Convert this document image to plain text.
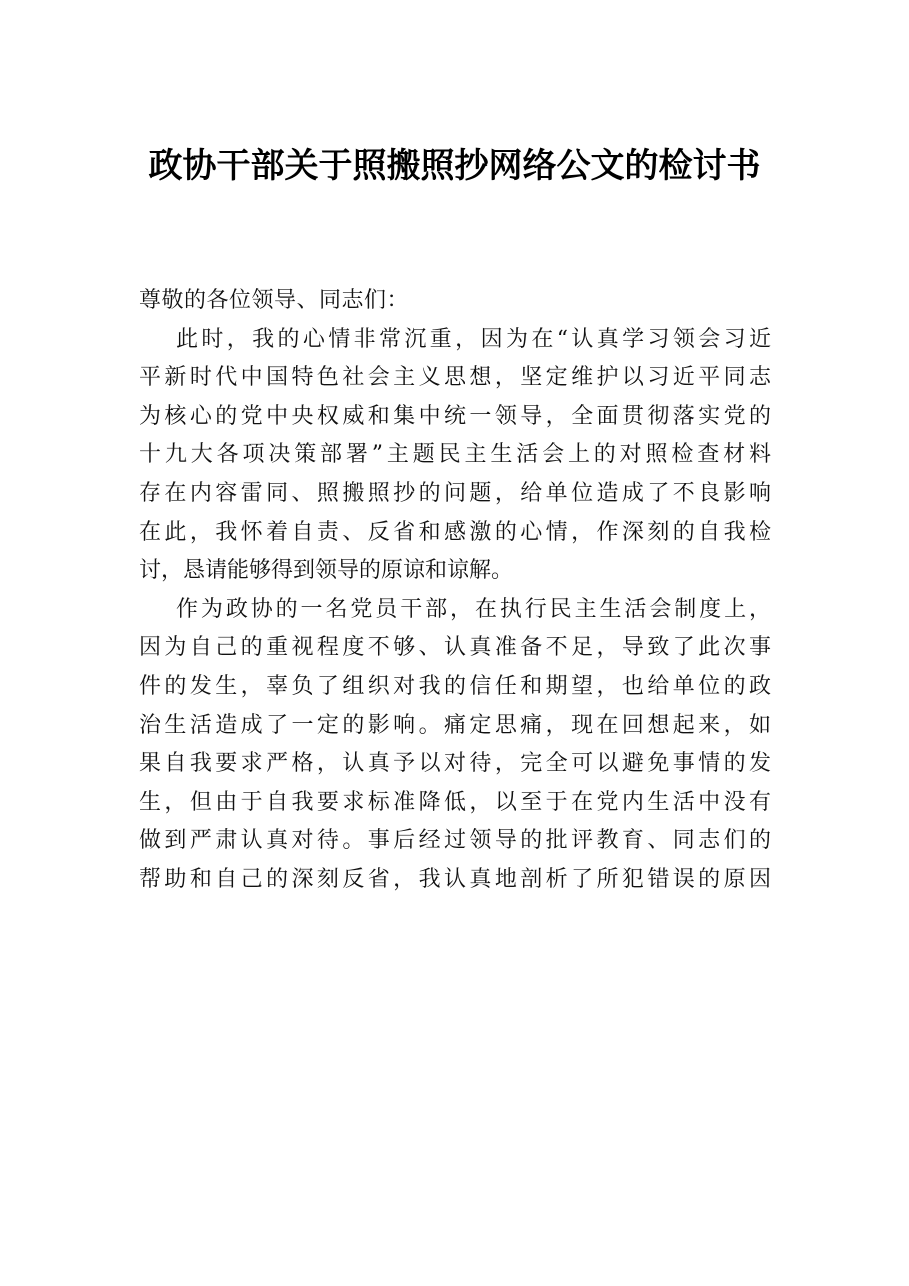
政协干部关于照搬照抄网络公文的检讨书

尊敬的各位领导、同志们：

此时，我的心情非常沉重，因为在“认真学习领会习近
平新时代中国特色社会主义思想，坚定维护以习近平同志
为核心的党中央权威和集中统一领导，全面贯彻落实党的
十九大各项决策部署”主题民主生活会上的对照检查材料
存在内容雷同、照搬照抄的问题，给单位造成了不良影响
在此，我怀着自责、反省和感激的心情，作深刻的自我检
讨，恳请能够得到领导的原谅和谅解。

作为政协的一名党员干部，在执行民主生活会制度上，
因为自己的重视程度不够、认真准备不足，导致了此次事
件的发生，辜负了组织对我的信任和期望，也给单位的政
治生活造成了一定的影响。痛定思痛，现在回想起来，如
果自我要求严格，认真予以对待，完全可以避免事情的发
生，但由于自我要求标准降低，以至于在党内生活中没有
做到严肃认真对待。事后经过领导的批评教育、同志们的
帮助和自己的深刻反省，我认真地剖析了所犯错误的原因
